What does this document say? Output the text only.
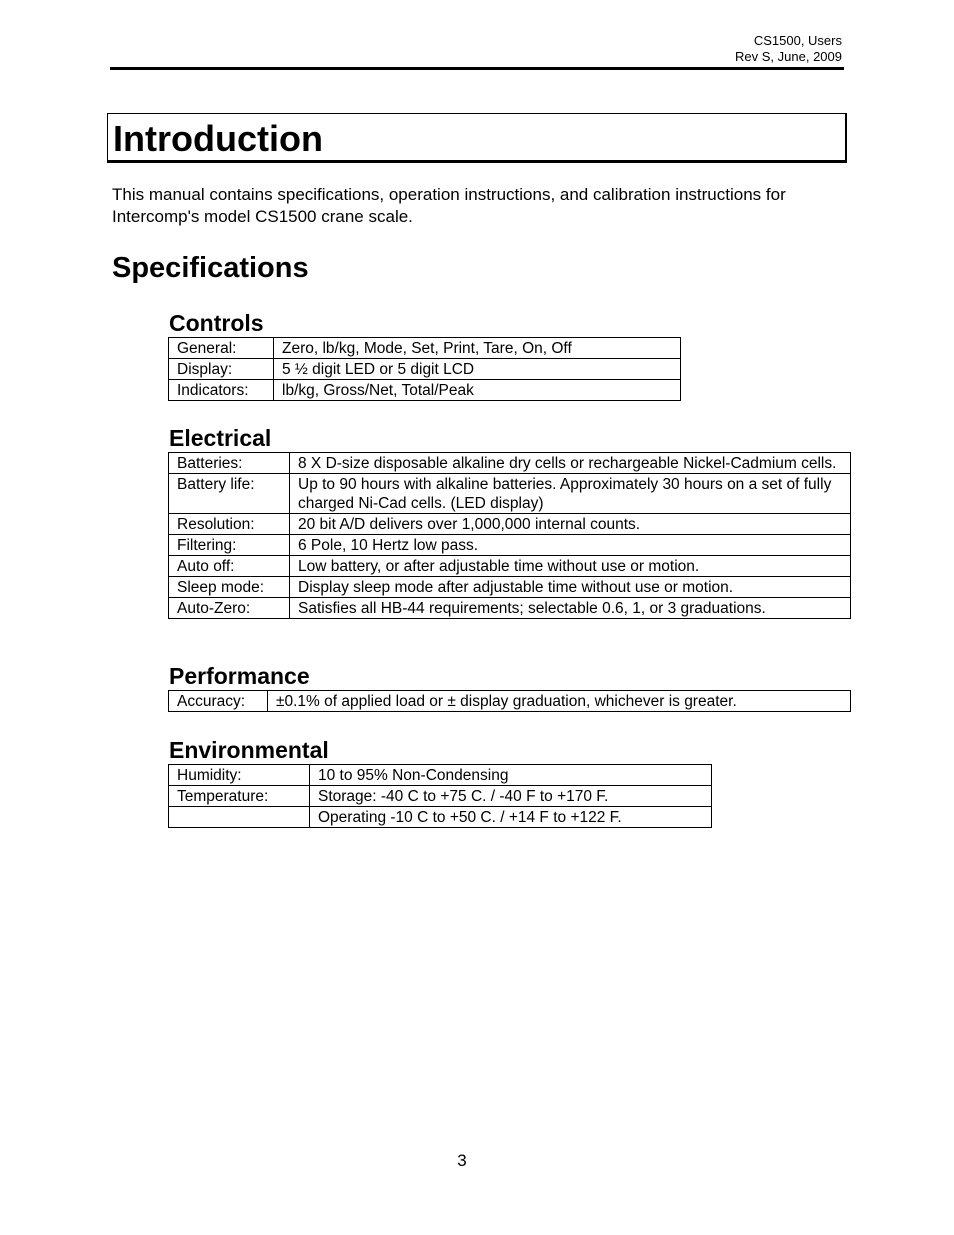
CS1500, Users
Rev S, June, 2009
Introduction

This manual contains specifications, operation instructions, and calibration instructions for Intercomp's model CS1500 crane scale.

Specifications
Controls
General:	Zero, lb/kg, Mode, Set, Print, Tare, On, Off
Display:	5 ½ digit LED or 5 digit LCD
Indicators:	lb/kg, Gross/Net, Total/Peak
Electrical
Batteries:	8 X D-size disposable alkaline dry cells or rechargeable Nickel-Cadmium cells.
Battery life:	Up to 90 hours with alkaline batteries. Approximately 30 hours on a set of fully charged Ni-Cad cells. (LED display)
Resolution:	20 bit A/D delivers over 1,000,000 internal counts.
Filtering:	6 Pole, 10 Hertz low pass.
Auto off:	Low battery, or after adjustable time without use or motion.
Sleep mode:	Display sleep mode after adjustable time without use or motion.
Auto-Zero:	Satisfies all HB-44 requirements; selectable 0.6, 1, or 3 graduations.
Performance
Accuracy:	±0.1% of applied load or ± display graduation, whichever is greater.
Environmental
Humidity:	10 to 95% Non-Condensing
Temperature:	Storage: -40 C to +75 C. / -40 F to +170 F.
	Operating -10 C to +50 C. / +14 F to +122 F.
3
